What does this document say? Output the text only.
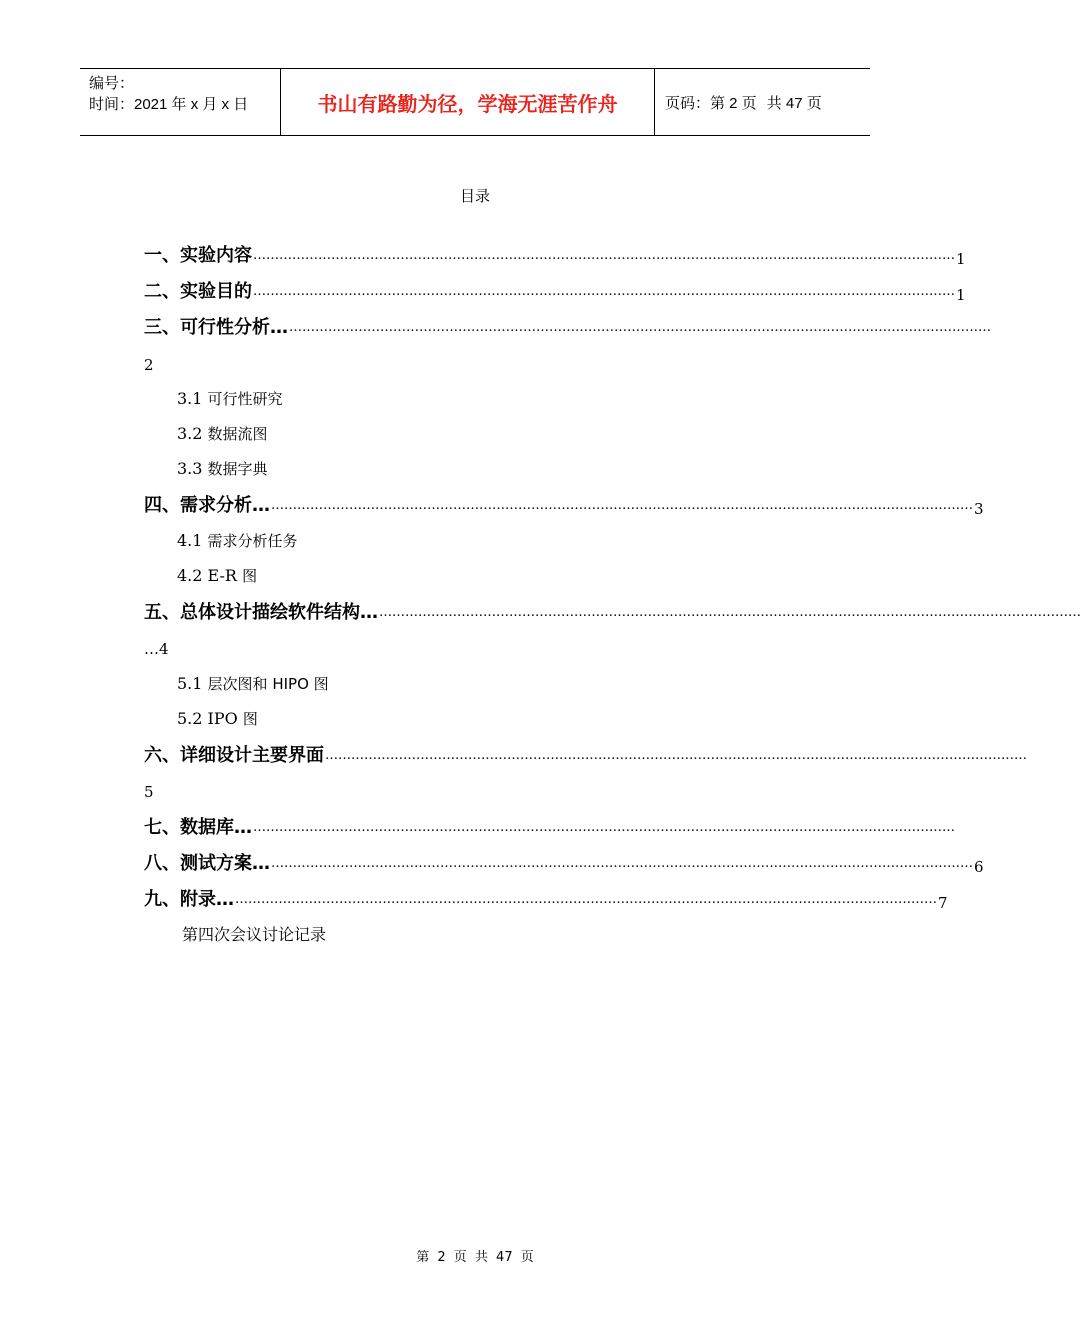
编号：
时间：2021 年 x 月 x 日	书山有路勤为径，学海无涯苦作舟	页码：第 2 页 共 47 页
目录
一、实验内容 ……………………………………………………………………………………………………………………………………………… 1
二、实验目的 ……………………………………………………………………………………………………………………………………………… 1
三、可行性分析… ………………………………………………………………………………………………………………………………………………
2
3.1 可行性研究
3.2 数据流图
3.3 数据字典
四、需求分析… ……………………………………………………………………………………………………………………………………………… 3
4.1 需求分析任务
4.2 E-R 图
五、总体设计描绘软件结构… ………………………………………………………………………………………………………………………………………………
…4
5.1 层次图和 HIPO 图
5.2 IPO 图
六、详细设计主要界面 ………………………………………………………………………………………………………………………………………………
5
七、数据库… ………………………………………………………………………………………………………………………………………………
八、测试方案… ……………………………………………………………………………………………………………………………………………… 6
九、附录… ……………………………………………………………………………………………………………………………………………… 7
第四次会议讨论记录
第 2 页 共 47 页
